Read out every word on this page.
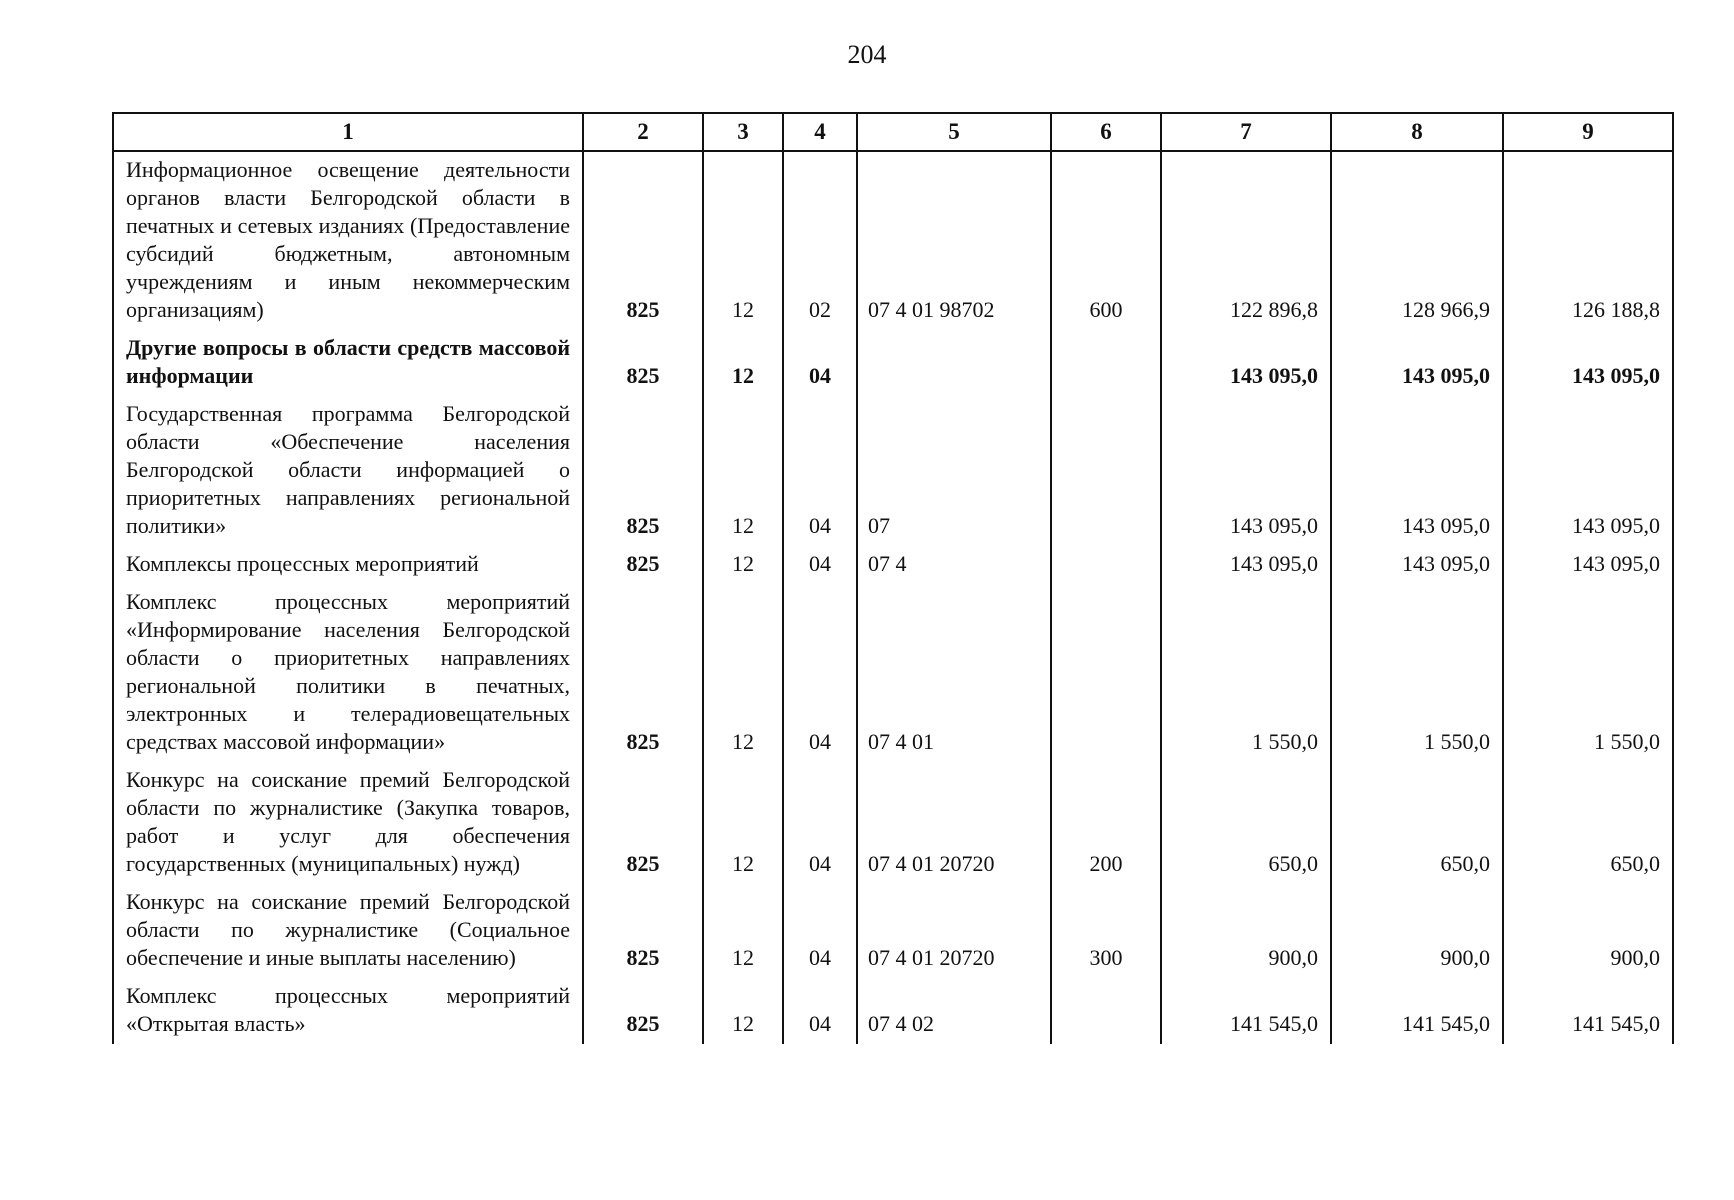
204
1	2	3	4	5	6	7	8	9
Информационное освещение деятельности органов власти Белгородской области в печатных и сетевых изданиях (Предоставление субсидий бюджетным, автономным учреждениям и иным некоммерческим организациям)	825	12	02	07 4 01 98702	600	122 896,8	128 966,9	126 188,8
Другие вопросы в области средств массовой информации	825	12	04			143 095,0	143 095,0	143 095,0
Государственная программа Белгородской области «Обеспечение населения Белгородской области информацией о приоритетных направлениях региональной политики»	825	12	04	07		143 095,0	143 095,0	143 095,0
Комплексы процессных мероприятий	825	12	04	07 4		143 095,0	143 095,0	143 095,0
Комплекс процессных мероприятий «Информирование населения Белгородской области о приоритетных направлениях региональной политики в печатных, электронных и телерадиовещательных средствах массовой информации»	825	12	04	07 4 01		1 550,0	1 550,0	1 550,0
Конкурс на соискание премий Белгородской области по журналистике (Закупка товаров, работ и услуг для обеспечения государственных (муниципальных) нужд)	825	12	04	07 4 01 20720	200	650,0	650,0	650,0
Конкурс на соискание премий Белгородской области по журналистике (Социальное обеспечение и иные выплаты населению)	825	12	04	07 4 01 20720	300	900,0	900,0	900,0
Комплекс процессных мероприятий «Открытая власть»	825	12	04	07 4 02		141 545,0	141 545,0	141 545,0
